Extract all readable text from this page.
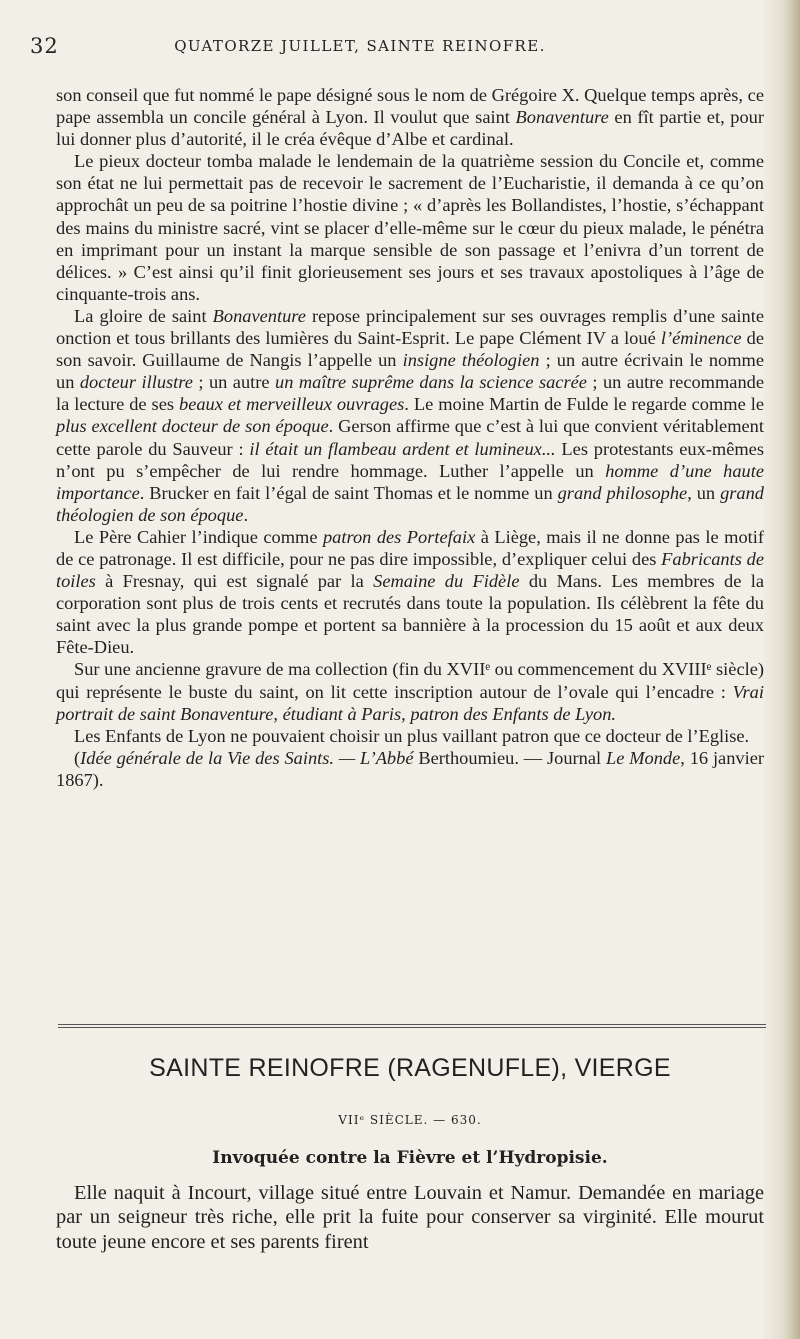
32	QUATORZE JUILLET, SAINTE REINOFRE.

son conseil que fut nommé le pape désigné sous le nom de Grégoire X. Quelque temps après, ce pape assembla un concile général à Lyon. Il voulut que saint Bonaventure en fît partie et, pour lui donner plus d’autorité, il le créa évêque d’Albe et cardinal.

Le pieux docteur tomba malade le lendemain de la quatrième session du Concile et, comme son état ne lui permettait pas de recevoir le sacrement de l’Eucharistie, il demanda à ce qu’on approchât un peu de sa poitrine l’hostie divine ; « d’après les Bollandistes, l’hostie, s’échappant des mains du ministre sacré, vint se placer d’elle-même sur le cœur du pieux malade, le pénétra en imprimant pour un instant la marque sensible de son passage et l’enivra d’un torrent de délices. » C’est ainsi qu’il finit glorieusement ses jours et ses travaux apostoliques à l’âge de cinquante-trois ans.

La gloire de saint Bonaventure repose principalement sur ses ouvrages remplis d’une sainte onction et tous brillants des lumières du Saint-Esprit. Le pape Clément IV a loué l’éminence de son savoir. Guillaume de Nangis l’appelle un insigne théologien ; un autre écrivain le nomme un docteur illustre ; un autre un maître suprême dans la science sacrée ; un autre recommande la lecture de ses beaux et merveilleux ouvrages. Le moine Martin de Fulde le regarde comme le plus excellent docteur de son époque. Gerson affirme que c’est à lui que convient véritablement cette parole du Sauveur : il était un flambeau ardent et lumineux... Les protestants eux-mêmes n’ont pu s’empêcher de lui rendre hommage. Luther l’appelle un homme d’une haute importance. Brucker en fait l’égal de saint Thomas et le nomme un grand philosophe, un grand théologien de son époque.

Le Père Cahier l’indique comme patron des Portefaix à Liège, mais il ne donne pas le motif de ce patronage. Il est difficile, pour ne pas dire impossible, d’expliquer celui des Fabricants de toiles à Fresnay, qui est signalé par la Semaine du Fidèle du Mans. Les membres de la corporation sont plus de trois cents et recrutés dans toute la population. Ils célèbrent la fête du saint avec la plus grande pompe et portent sa bannière à la procession du 15 août et aux deux Fête-Dieu.

Sur une ancienne gravure de ma collection (fin du XVIIᵉ ou commencement du XVIIIᵉ siècle) qui représente le buste du saint, on lit cette inscription autour de l’ovale qui l’encadre : Vrai portrait de saint Bonaventure, étudiant à Paris, patron des Enfants de Lyon.

Les Enfants de Lyon ne pouvaient choisir un plus vaillant patron que ce docteur de l’Eglise.

(Idée générale de la Vie des Saints. — L’Abbé Berthoumieu. — Journal Le Monde, 16 janvier 1867).

SAINTE REINOFRE (RAGENUFLE), VIERGE
VIIᵉ SIÈCLE. — 630.
Invoquée contre la Fièvre et l’Hydropisie.

Elle naquit à Incourt, village situé entre Louvain et Namur. Demandée en mariage par un seigneur très riche, elle prit la fuite pour conserver sa virginité. Elle mourut toute jeune encore et ses parents firent
